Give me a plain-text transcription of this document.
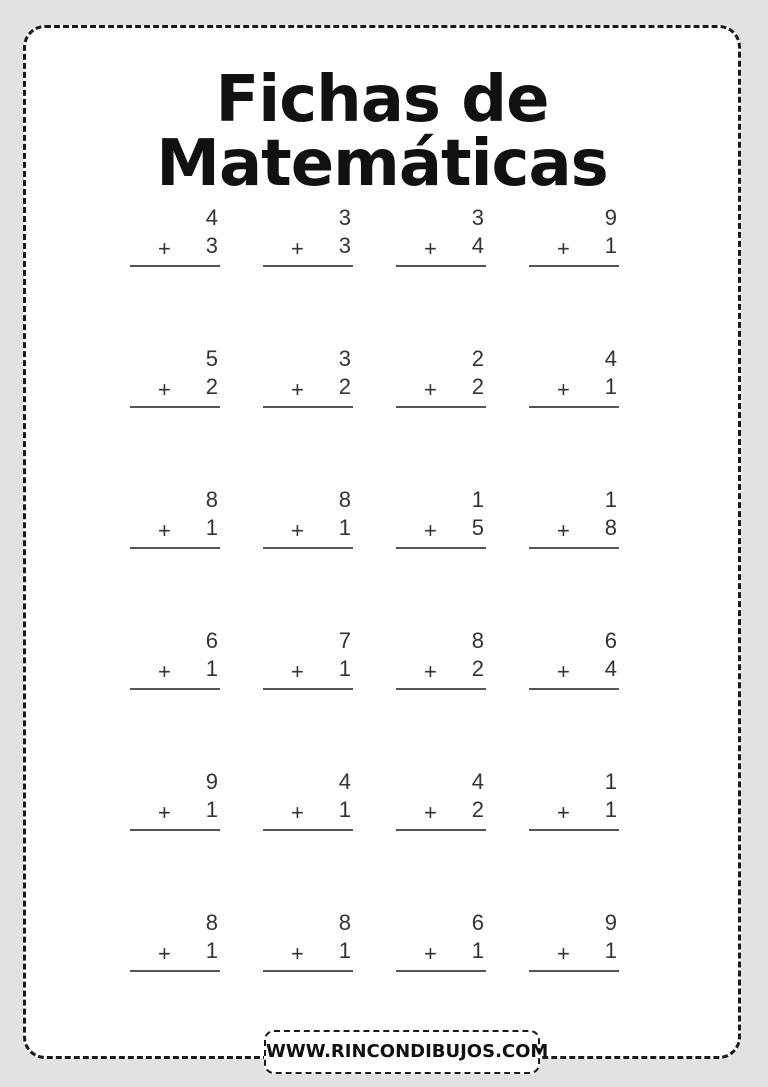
Fichas de Matemáticas
4
+ 3
3
+ 3
3
+ 4
9
+ 1
5
+ 2
3
+ 2
2
+ 2
4
+ 1
8
+ 1
8
+ 1
1
+ 5
1
+ 8
6
+ 1
7
+ 1
8
+ 2
6
+ 4
9
+ 1
4
+ 1
4
+ 2
1
+ 1
8
+ 1
8
+ 1
6
+ 1
9
+ 1
WWW.RINCONDIBUJOS.COM
